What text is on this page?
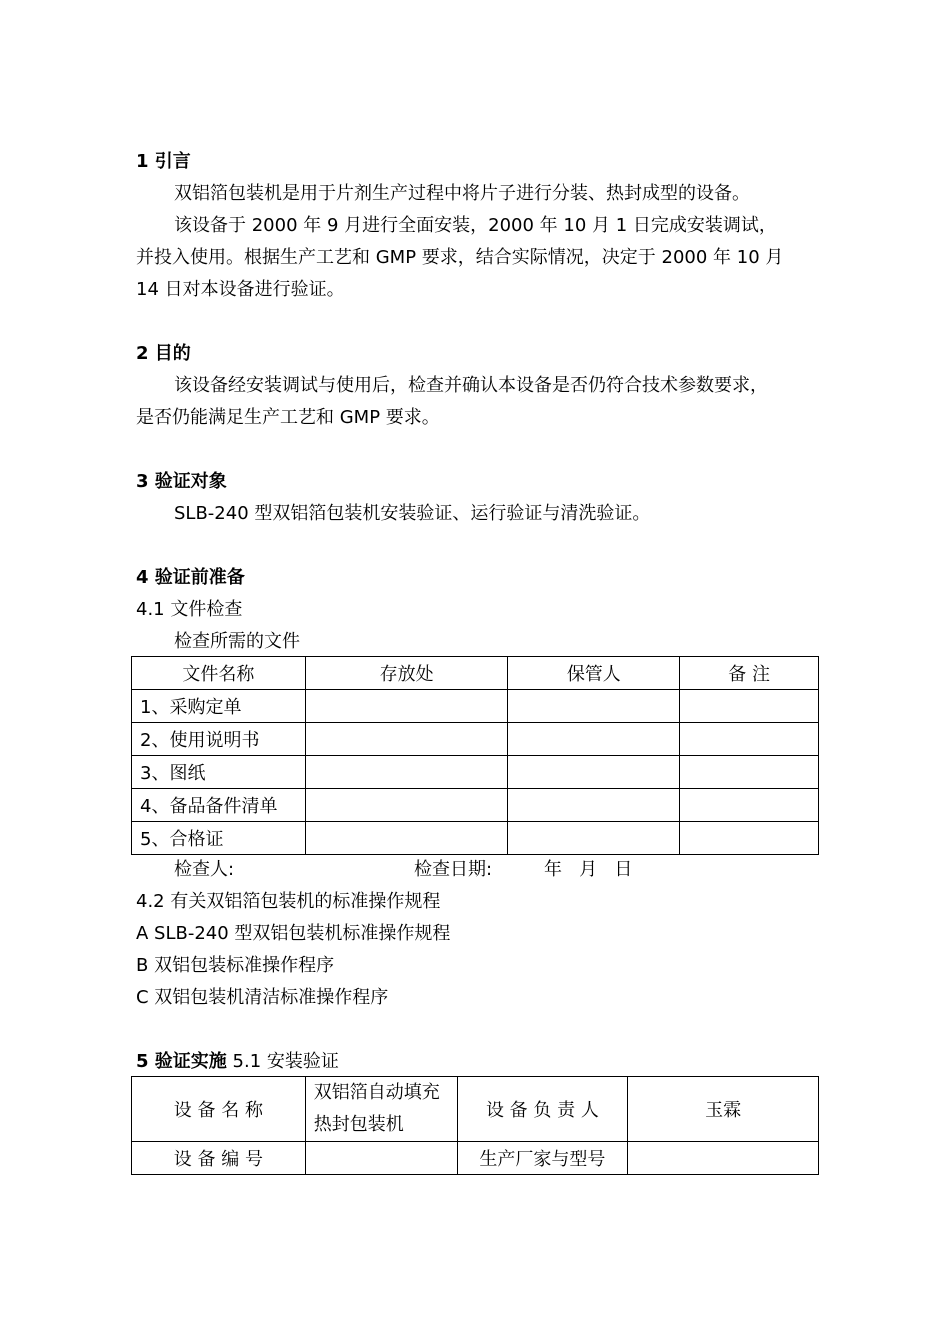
1 引言
双铝箔包装机是用于片剂生产过程中将片子进行分装、热封成型的设备。
该设备于 2000 年 9 月进行全面安装，2000 年 10 月 1 日完成安装调试，
并投入使用。根据生产工艺和 GMP 要求，结合实际情况，决定于 2000 年 10 月
14 日对本设备进行验证。
2 目的
该设备经安装调试与使用后，检查并确认本设备是否仍符合技术参数要求，
是否仍能满足生产工艺和 GMP 要求。
3 验证对象
SLB-240 型双铝箔包装机安装验证、运行验证与清洗验证。
4 验证前准备
4.1 文件检查
检查所需的文件
文件名称	存放处	保管人	备 注
1、采购定单			
2、使用说明书			
3、图纸			
4、备品备件清单			
5、合格证			
检查人:	检查日期:	年   月   日
4.2 有关双铝箔包装机的标准操作规程
A SLB-240 型双铝包装机标准操作规程
B 双铝包装标准操作程序
C 双铝包装机清洁标准操作程序
5 验证实施 5.1 安装验证
设 备 名 称	双铝箔自动填充
热封包装机	设 备 负 责 人	玉霖
设 备 编 号		生产厂家与型号	
